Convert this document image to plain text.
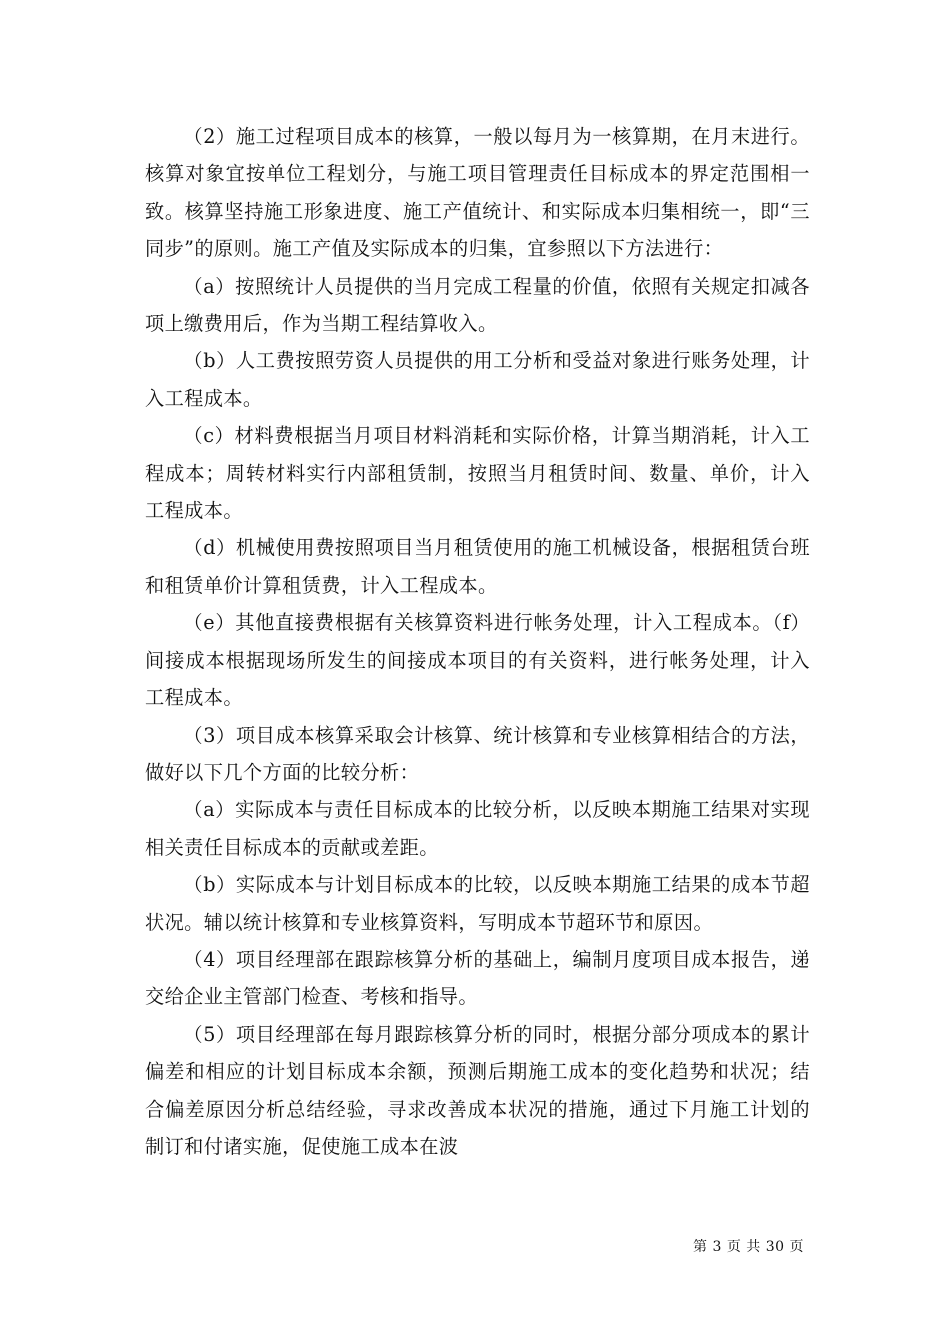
（2）施工过程项目成本的核算，一般以每月为一核算期，在月末进行。核算对象宜按单位工程划分，与施工项目管理责任目标成本的界定范围相一致。核算坚持施工形象进度、施工产值统计、和实际成本归集相统一，即“三同步”的原则。施工产值及实际成本的归集，宜参照以下方法进行：

（a）按照统计人员提供的当月完成工程量的价值，依照有关规定扣减各项上缴费用后，作为当期工程结算收入。

（b）人工费按照劳资人员提供的用工分析和受益对象进行账务处理，计入工程成本。

（c）材料费根据当月项目材料消耗和实际价格，计算当期消耗，计入工程成本；周转材料实行内部租赁制，按照当月租赁时间、数量、单价，计入工程成本。

（d）机械使用费按照项目当月租赁使用的施工机械设备，根据租赁台班和租赁单价计算租赁费，计入工程成本。

（e）其他直接费根据有关核算资料进行帐务处理，计入工程成本。（f）间接成本根据现场所发生的间接成本项目的有关资料，进行帐务处理，计入工程成本。

（3）项目成本核算采取会计核算、统计核算和专业核算相结合的方法，做好以下几个方面的比较分析：

（a）实际成本与责任目标成本的比较分析，以反映本期施工结果对实现相关责任目标成本的贡献或差距。

（b）实际成本与计划目标成本的比较，以反映本期施工结果的成本节超状况。辅以统计核算和专业核算资料，写明成本节超环节和原因。

（4）项目经理部在跟踪核算分析的基础上，编制月度项目成本报告，递交给企业主管部门检查、考核和指导。

（5）项目经理部在每月跟踪核算分析的同时，根据分部分项成本的累计偏差和相应的计划目标成本余额，预测后期施工成本的变化趋势和状况；结合偏差原因分析总结经验，寻求改善成本状况的措施，通过下月施工计划的制订和付诸实施，促使施工成本在波

第 3 页 共 30 页
